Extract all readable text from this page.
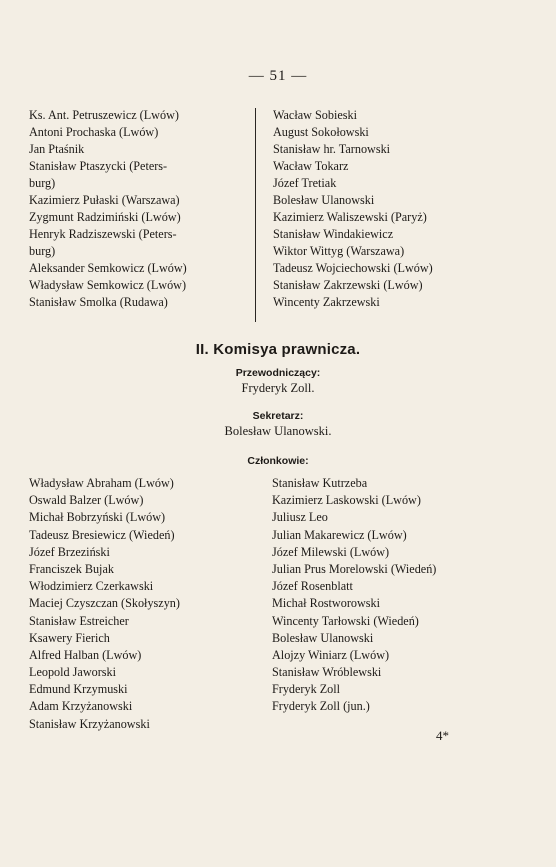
— 51 —
Ks. Ant. Petruszewicz (Lwów)
Antoni Prochaska (Lwów)
Jan Ptaśnik
Stanisław Ptaszycki (Peters-
burg)
Kazimierz Pułaski (Warszawa)
Zygmunt Radzimiński (Lwów)
Henryk Radziszewski (Peters-
burg)
Aleksander Semkowicz (Lwów)
Władysław Semkowicz (Lwów)
Stanisław Smolka (Rudawa)
Wacław Sobieski
August Sokołowski
Stanisław hr. Tarnowski
Wacław Tokarz
Józef Tretiak
Bolesław Ulanowski
Kazimierz Waliszewski (Paryż)
Stanisław Windakiewicz
Wiktor Wittyg (Warszawa)
Tadeusz Wojciechowski (Lwów)
Stanisław Zakrzewski (Lwów)
Wincenty Zakrzewski
II. Komisya prawnicza.
Przewodniczący:
Fryderyk Zoll.
Sekretarz:
Bolesław Ulanowski.
Członkowie:
Władysław Abraham (Lwów)
Oswald Balzer (Lwów)
Michał Bobrzyński (Lwów)
Tadeusz Bresiewicz (Wiedeń)
Józef Brzeziński
Franciszek Bujak
Włodzimierz Czerkawski
Maciej Czyszczan (Skołyszyn)
Stanisław Estreicher
Ksawery Fierich
Alfred Halban (Lwów)
Leopold Jaworski
Edmund Krzymuski
Adam Krzyżanowski
Stanisław Krzyżanowski
Stanisław Kutrzeba
Kazimierz Laskowski (Lwów)
Juliusz Leo
Julian Makarewicz (Lwów)
Józef Milewski (Lwów)
Julian Prus Morelowski (Wiedeń)
Józef Rosenblatt
Michał Rostworowski
Wincenty Tarłowski (Wiedeń)
Bolesław Ulanowski
Alojzy Winiarz (Lwów)
Stanisław Wróblewski
Fryderyk Zoll
Fryderyk Zoll (jun.)
4*
